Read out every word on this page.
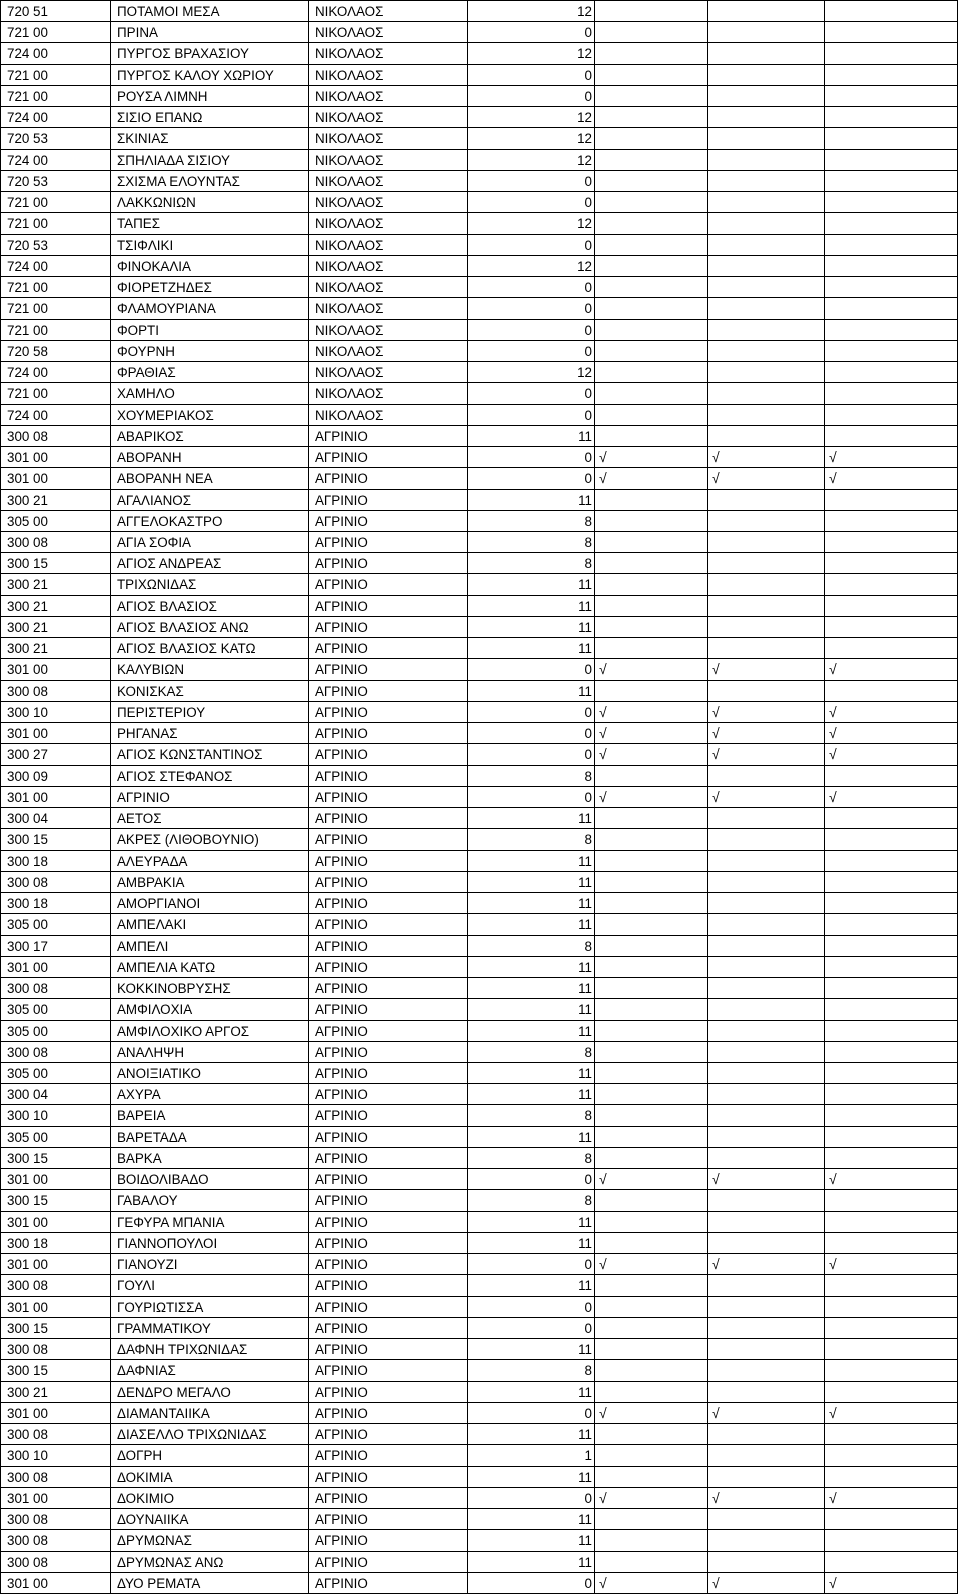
720 51	ΠΟΤΑΜΟΙ ΜΕΣΑ	ΝΙΚΟΛΑΟΣ	12			
721 00	ΠΡΙΝΑ	ΝΙΚΟΛΑΟΣ	0			
724 00	ΠΥΡΓΟΣ ΒΡΑΧΑΣΙΟΥ	ΝΙΚΟΛΑΟΣ	12			
721 00	ΠΥΡΓΟΣ ΚΑΛΟΥ ΧΩΡΙΟΥ	ΝΙΚΟΛΑΟΣ	0			
721 00	ΡΟΥΣΑ ΛΙΜΝΗ	ΝΙΚΟΛΑΟΣ	0			
724 00	ΣΙΣΙΟ ΕΠΑΝΩ	ΝΙΚΟΛΑΟΣ	12			
720 53	ΣΚΙΝΙΑΣ	ΝΙΚΟΛΑΟΣ	12			
724 00	ΣΠΗΛΙΑΔΑ ΣΙΣΙΟΥ	ΝΙΚΟΛΑΟΣ	12			
720 53	ΣΧΙΣΜΑ ΕΛΟΥΝΤΑΣ	ΝΙΚΟΛΑΟΣ	0			
721 00	ΛΑΚΚΩΝΙΩΝ	ΝΙΚΟΛΑΟΣ	0			
721 00	ΤΑΠΕΣ	ΝΙΚΟΛΑΟΣ	12			
720 53	ΤΣΙΦΛΙΚΙ	ΝΙΚΟΛΑΟΣ	0			
724 00	ΦΙΝΟΚΑΛΙΑ	ΝΙΚΟΛΑΟΣ	12			
721 00	ΦΙΟΡΕΤΖΗΔΕΣ	ΝΙΚΟΛΑΟΣ	0			
721 00	ΦΛΑΜΟΥΡΙΑΝΑ	ΝΙΚΟΛΑΟΣ	0			
721 00	ΦΟΡΤΙ	ΝΙΚΟΛΑΟΣ	0			
720 58	ΦΟΥΡΝΗ	ΝΙΚΟΛΑΟΣ	0			
724 00	ΦΡΑΘΙΑΣ	ΝΙΚΟΛΑΟΣ	12			
721 00	ΧΑΜΗΛΟ	ΝΙΚΟΛΑΟΣ	0			
724 00	ΧΟΥΜΕΡΙΑΚΟΣ	ΝΙΚΟΛΑΟΣ	0			
300 08	ΑΒΑΡΙΚΟΣ	ΑΓΡΙΝΙΟ	11			
301 00	ΑΒΟΡΑΝΗ	ΑΓΡΙΝΙΟ	0	√	√	√
301 00	ΑΒΟΡΑΝΗ ΝΕΑ	ΑΓΡΙΝΙΟ	0	√	√	√
300 21	ΑΓΑΛΙΑΝΟΣ	ΑΓΡΙΝΙΟ	11			
305 00	ΑΓΓΕΛΟΚΑΣΤΡΟ	ΑΓΡΙΝΙΟ	8			
300 08	ΑΓΙΑ ΣΟΦΙΑ	ΑΓΡΙΝΙΟ	8			
300 15	ΑΓΙΟΣ ΑΝΔΡΕΑΣ	ΑΓΡΙΝΙΟ	8			
300 21	ΤΡΙΧΩΝΙΔΑΣ	ΑΓΡΙΝΙΟ	11			
300 21	ΑΓΙΟΣ ΒΛΑΣΙΟΣ	ΑΓΡΙΝΙΟ	11			
300 21	ΑΓΙΟΣ ΒΛΑΣΙΟΣ ΑΝΩ	ΑΓΡΙΝΙΟ	11			
300 21	ΑΓΙΟΣ ΒΛΑΣΙΟΣ ΚΑΤΩ	ΑΓΡΙΝΙΟ	11			
301 00	ΚΑΛΥΒΙΩΝ	ΑΓΡΙΝΙΟ	0	√	√	√
300 08	ΚΟΝΙΣΚΑΣ	ΑΓΡΙΝΙΟ	11			
300 10	ΠΕΡΙΣΤΕΡΙΟΥ	ΑΓΡΙΝΙΟ	0	√	√	√
301 00	ΡΗΓΑΝΑΣ	ΑΓΡΙΝΙΟ	0	√	√	√
300 27	ΑΓΙΟΣ ΚΩΝΣΤΑΝΤΙΝΟΣ	ΑΓΡΙΝΙΟ	0	√	√	√
300 09	ΑΓΙΟΣ ΣΤΕΦΑΝΟΣ	ΑΓΡΙΝΙΟ	8			
301 00	ΑΓΡΙΝΙΟ	ΑΓΡΙΝΙΟ	0	√	√	√
300 04	ΑΕΤΟΣ	ΑΓΡΙΝΙΟ	11			
300 15	ΑΚΡΕΣ (ΛΙΘΟΒΟΥΝΙΟ)	ΑΓΡΙΝΙΟ	8			
300 18	ΑΛΕΥΡΑΔΑ	ΑΓΡΙΝΙΟ	11			
300 08	ΑΜΒΡΑΚΙΑ	ΑΓΡΙΝΙΟ	11			
300 18	ΑΜΟΡΓΙΑΝΟΙ	ΑΓΡΙΝΙΟ	11			
305 00	ΑΜΠΕΛΑΚΙ	ΑΓΡΙΝΙΟ	11			
300 17	ΑΜΠΕΛΙ	ΑΓΡΙΝΙΟ	8			
301 00	ΑΜΠΕΛΙΑ ΚΑΤΩ	ΑΓΡΙΝΙΟ	11			
300 08	ΚΟΚΚΙΝΟΒΡΥΣΗΣ	ΑΓΡΙΝΙΟ	11			
305 00	ΑΜΦΙΛΟΧΙΑ	ΑΓΡΙΝΙΟ	11			
305 00	ΑΜΦΙΛΟΧΙΚΟ ΑΡΓΟΣ	ΑΓΡΙΝΙΟ	11			
300 08	ΑΝΑΛΗΨΗ	ΑΓΡΙΝΙΟ	8			
305 00	ΑΝΟΙΞΙΑΤΙΚΟ	ΑΓΡΙΝΙΟ	11			
300 04	ΑΧΥΡΑ	ΑΓΡΙΝΙΟ	11			
300 10	ΒΑΡΕΙΑ	ΑΓΡΙΝΙΟ	8			
305 00	ΒΑΡΕΤΑΔΑ	ΑΓΡΙΝΙΟ	11			
300 15	ΒΑΡΚΑ	ΑΓΡΙΝΙΟ	8			
301 00	ΒΟΙΔΟΛΙΒΑΔΟ	ΑΓΡΙΝΙΟ	0	√	√	√
300 15	ΓΑΒΑΛΟΥ	ΑΓΡΙΝΙΟ	8			
301 00	ΓΕΦΥΡΑ ΜΠΑΝΙΑ	ΑΓΡΙΝΙΟ	11			
300 18	ΓΙΑΝΝΟΠΟΥΛΟΙ	ΑΓΡΙΝΙΟ	11			
301 00	ΓΙΑΝΟΥΖΙ	ΑΓΡΙΝΙΟ	0	√	√	√
300 08	ΓΟΥΛΙ	ΑΓΡΙΝΙΟ	11			
301 00	ΓΟΥΡΙΩΤΙΣΣΑ	ΑΓΡΙΝΙΟ	0			
300 15	ΓΡΑΜΜΑΤΙΚΟΥ	ΑΓΡΙΝΙΟ	0			
300 08	ΔΑΦΝΗ ΤΡΙΧΩΝΙΔΑΣ	ΑΓΡΙΝΙΟ	11			
300 15	ΔΑΦΝΙΑΣ	ΑΓΡΙΝΙΟ	8			
300 21	ΔΕΝΔΡΟ ΜΕΓΑΛΟ	ΑΓΡΙΝΙΟ	11			
301 00	ΔΙΑΜΑΝΤΑΙΙΚΑ	ΑΓΡΙΝΙΟ	0	√	√	√
300 08	ΔΙΑΣΕΛΛΟ ΤΡΙΧΩΝΙΔΑΣ	ΑΓΡΙΝΙΟ	11			
300 10	ΔΟΓΡΗ	ΑΓΡΙΝΙΟ	1			
300 08	ΔΟΚΙΜΙΑ	ΑΓΡΙΝΙΟ	11			
301 00	ΔΟΚΙΜΙΟ	ΑΓΡΙΝΙΟ	0	√	√	√
300 08	ΔΟΥΝΑΙΙΚΑ	ΑΓΡΙΝΙΟ	11			
300 08	ΔΡΥΜΩΝΑΣ	ΑΓΡΙΝΙΟ	11			
300 08	ΔΡΥΜΩΝΑΣ ΑΝΩ	ΑΓΡΙΝΙΟ	11			
301 00	ΔΥΟ ΡΕΜΑΤΑ	ΑΓΡΙΝΙΟ	0	√	√	√
